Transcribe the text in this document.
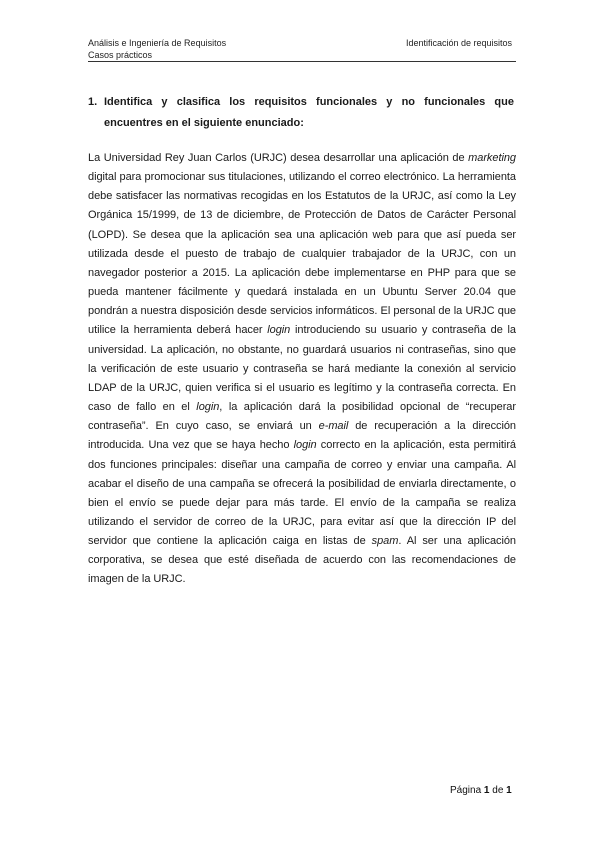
Análisis e Ingeniería de Requisitos
Casos prácticos
Identificación de requisitos
1. Identifica y clasifica los requisitos funcionales y no funcionales que encuentres en el siguiente enunciado:

La Universidad Rey Juan Carlos (URJC) desea desarrollar una aplicación de marketing digital para promocionar sus titulaciones, utilizando el correo electrónico. La herramienta debe satisfacer las normativas recogidas en los Estatutos de la URJC, así como la Ley Orgánica 15/1999, de 13 de diciembre, de Protección de Datos de Carácter Personal (LOPD). Se desea que la aplicación sea una aplicación web para que así pueda ser utilizada desde el puesto de trabajo de cualquier trabajador de la URJC, con un navegador posterior a 2015. La aplicación debe implementarse en PHP para que se pueda mantener fácilmente y quedará instalada en un Ubuntu Server 20.04 que pondrán a nuestra disposición desde servicios informáticos. El personal de la URJC que utilice la herramienta deberá hacer login introduciendo su usuario y contraseña de la universidad. La aplicación, no obstante, no guardará usuarios ni contraseñas, sino que la verificación de este usuario y contraseña se hará mediante la conexión al servicio LDAP de la URJC, quien verifica si el usuario es legítimo y la contraseña correcta. En caso de fallo en el login, la aplicación dará la posibilidad opcional de “recuperar contraseña”. En cuyo caso, se enviará un e-mail de recuperación a la dirección introducida. Una vez que se haya hecho login correcto en la aplicación, esta permitirá dos funciones principales: diseñar una campaña de correo y enviar una campaña. Al acabar el diseño de una campaña se ofrecerá la posibilidad de enviarla directamente, o bien el envío se puede dejar para más tarde. El envío de la campaña se realiza utilizando el servidor de correo de la URJC, para evitar así que la dirección IP del servidor que contiene la aplicación caiga en listas de spam. Al ser una aplicación corporativa, se desea que esté diseñada de acuerdo con las recomendaciones de imagen de la URJC.

Página 1 de 1
